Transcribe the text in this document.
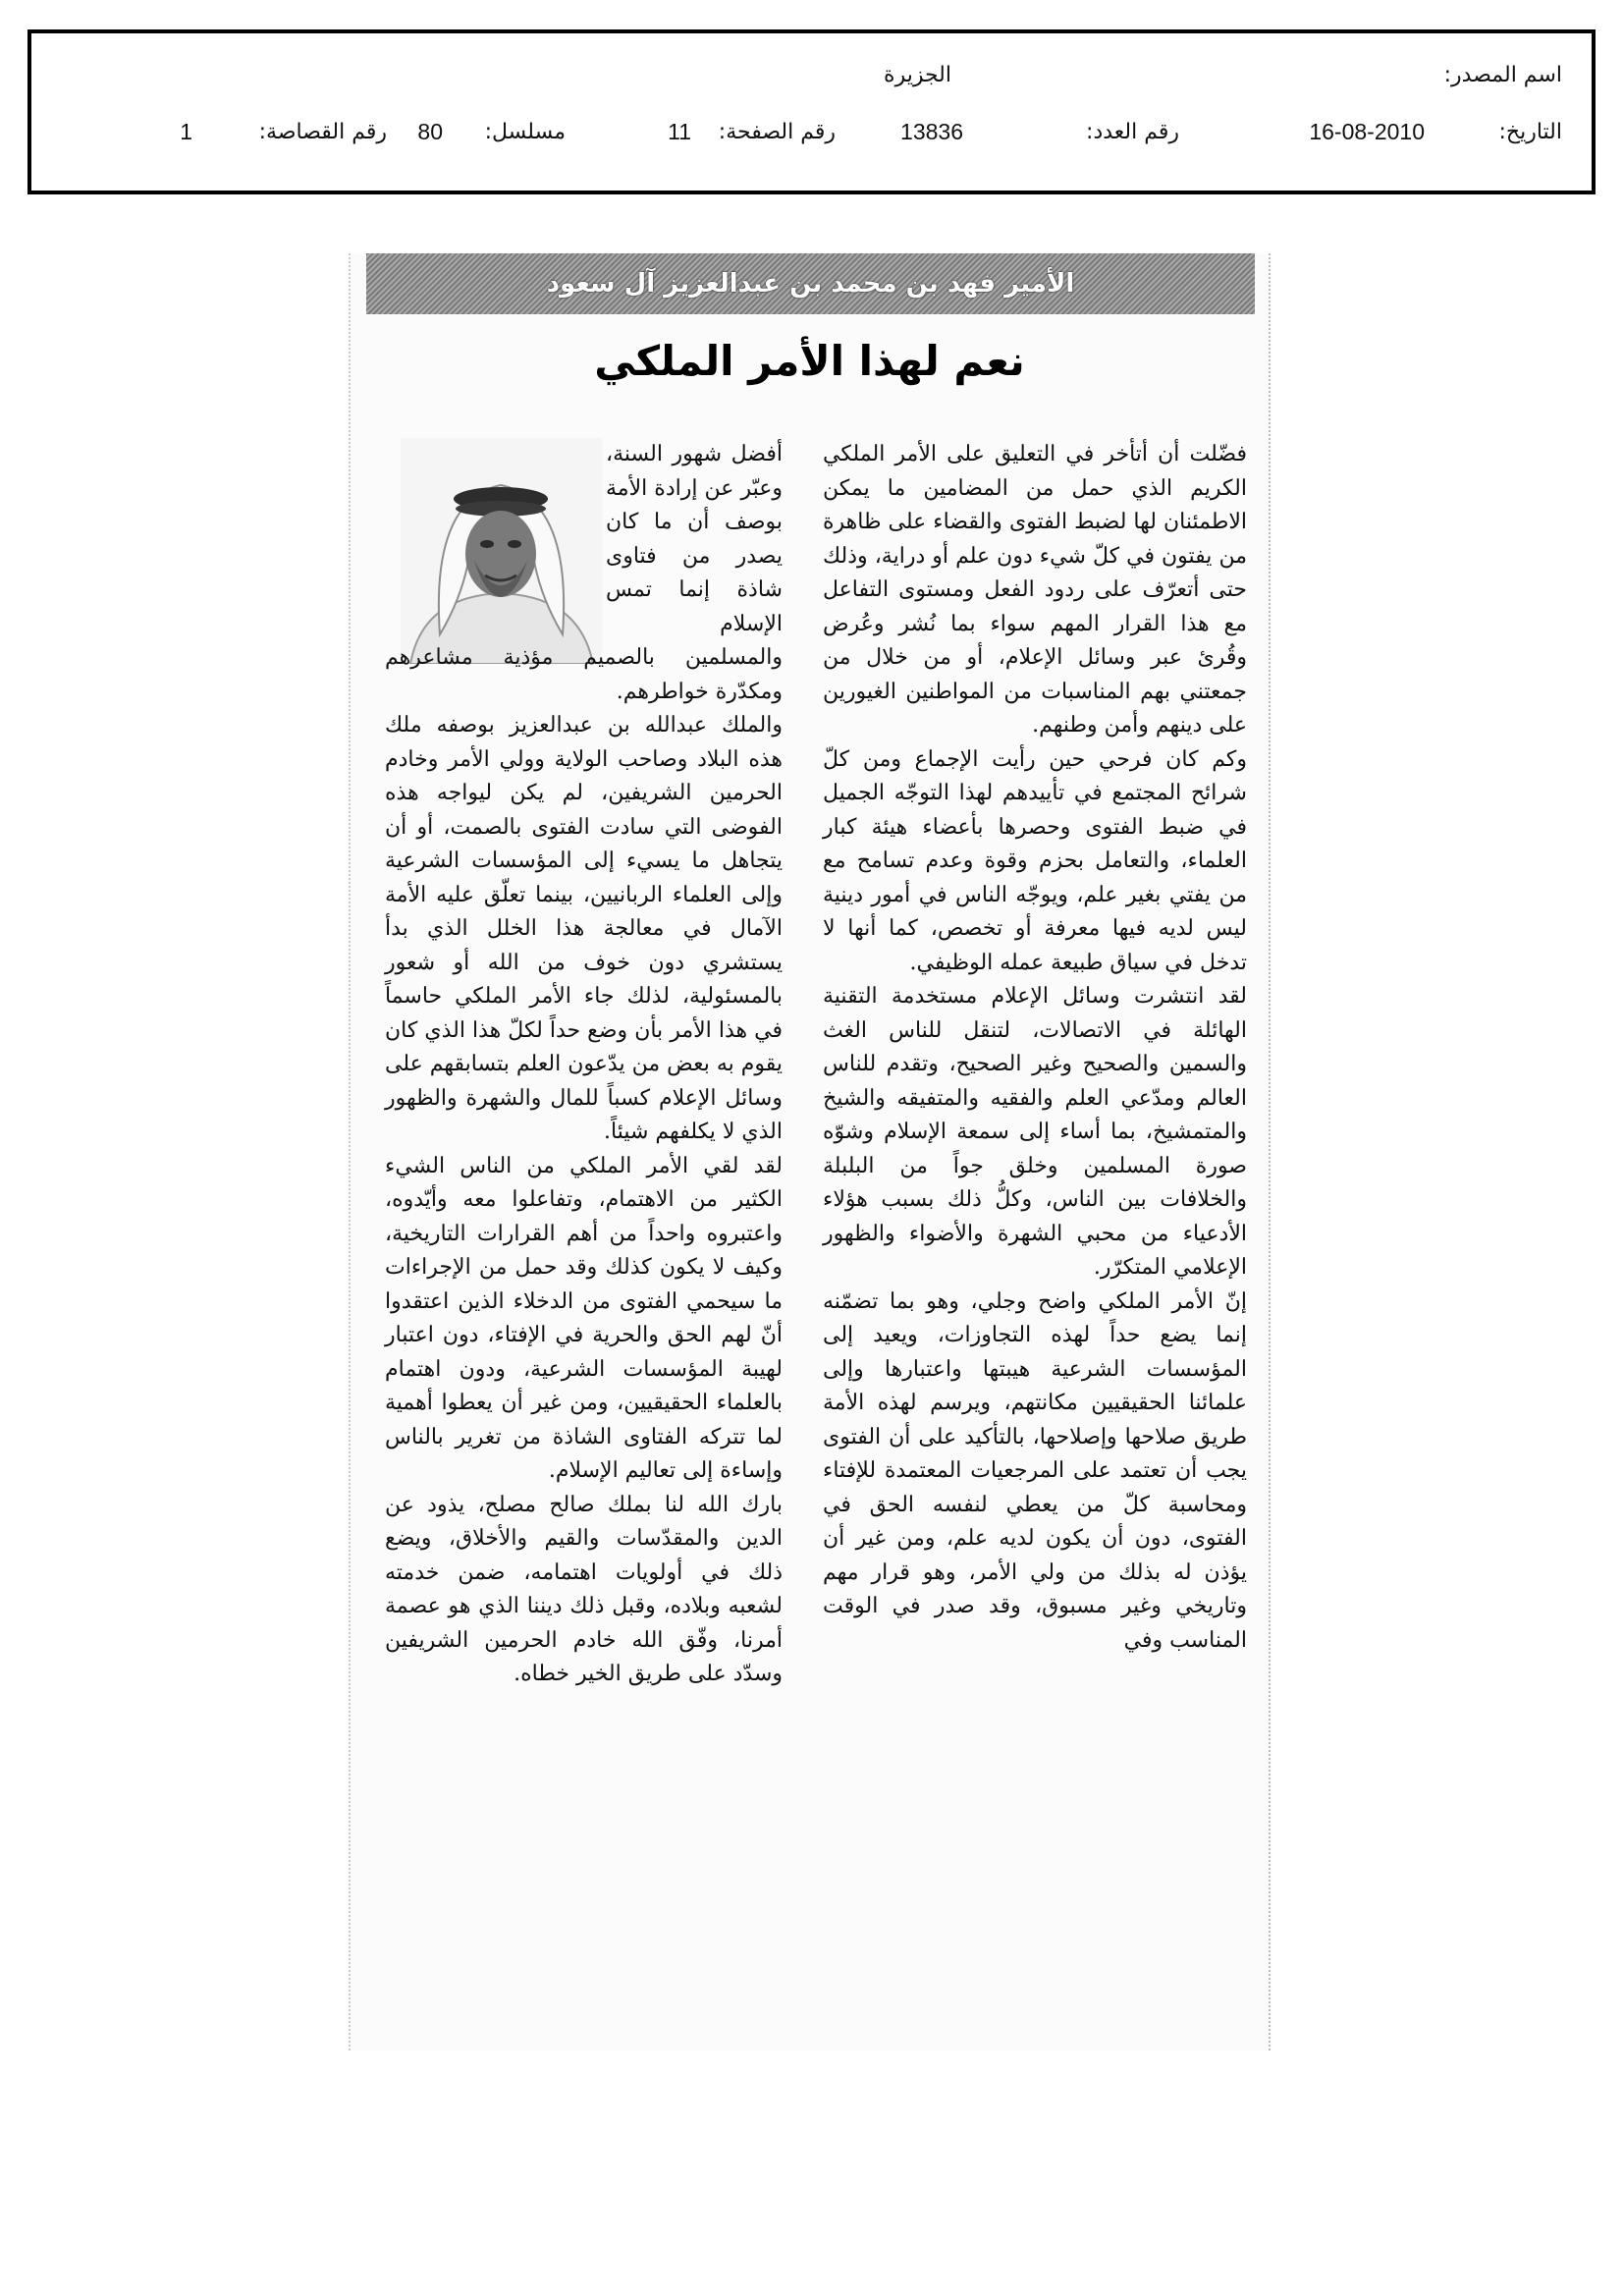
اسم المصدر:
الجزيرة
التاريخ:
16-08-2010
رقم العدد:
13836
رقم الصفحة:
11
مسلسل:
80
رقم القصاصة:
1
الأمير فهد بن محمد بن عبدالعزيز آل سعود
نعم لهذا الأمر الملكي

فضّلت أن أتأخر في التعليق على الأمر الملكي الكريم الذي حمل من المضامين ما يمكن الاطمئنان لها لضبط الفتوى والقضاء على ظاهرة من يفتون في كلّ شيء دون علم أو دراية، وذلك حتى أتعرّف على ردود الفعل ومستوى التفاعل مع هذا القرار المهم سواء بما نُشر وعُرض وقُرئ عبر وسائل الإعلام، أو من خلال من جمعتني بهم المناسبات من المواطنين الغيورين على دينهم وأمن وطنهم.

وكم كان فرحي حين رأيت الإجماع ومن كلّ شرائح المجتمع في تأييدهم لهذا التوجّه الجميل في ضبط الفتوى وحصرها بأعضاء هيئة كبار العلماء، والتعامل بحزم وقوة وعدم تسامح مع من يفتي بغير علم، ويوجّه الناس في أمور دينية ليس لديه فيها معرفة أو تخصص، كما أنها لا تدخل في سياق طبيعة عمله الوظيفي.

لقد انتشرت وسائل الإعلام مستخدمة التقنية الهائلة في الاتصالات، لتنقل للناس الغث والسمين والصحيح وغير الصحيح، وتقدم للناس العالم ومدّعي العلم والفقيه والمتفيقه والشيخ والمتمشيخ، بما أساء إلى سمعة الإسلام وشوّه صورة المسلمين وخلق جواً من البلبلة والخلافات بين الناس، وكلُّ ذلك بسبب هؤلاء الأدعياء من محبي الشهرة والأضواء والظهور الإعلامي المتكرّر.

إنّ الأمر الملكي واضح وجلي، وهو بما تضمّنه إنما يضع حداً لهذه التجاوزات، ويعيد إلى المؤسسات الشرعية هيبتها واعتبارها وإلى علمائنا الحقيقيين مكانتهم، ويرسم لهذه الأمة طريق صلاحها وإصلاحها، بالتأكيد على أن الفتوى يجب أن تعتمد على المرجعيات المعتمدة للإفتاء ومحاسبة كلّ من يعطي لنفسه الحق في الفتوى، دون أن يكون لديه علم، ومن غير أن يؤذن له بذلك من ولي الأمر، وهو قرار مهم وتاريخي وغير مسبوق، وقد صدر في الوقت المناسب وفي

أفضل شهور السنة، وعبّر عن إرادة الأمة بوصف أن ما كان يصدر من فتاوى شاذة إنما تمس الإسلام

والمسلمين بالصميم مؤذية مشاعرهم ومكدّرة خواطرهم.

والملك عبدالله بن عبدالعزيز بوصفه ملك هذه البلاد وصاحب الولاية وولي الأمر وخادم الحرمين الشريفين، لم يكن ليواجه هذه الفوضى التي سادت الفتوى بالصمت، أو أن يتجاهل ما يسيء إلى المؤسسات الشرعية وإلى العلماء الربانيين، بينما تعلّق عليه الأمة الآمال في معالجة هذا الخلل الذي بدأ يستشري دون خوف من الله أو شعور بالمسئولية، لذلك جاء الأمر الملكي حاسماً في هذا الأمر بأن وضع حداً لكلّ هذا الذي كان يقوم به بعض من يدّعون العلم بتسابقهم على وسائل الإعلام كسباً للمال والشهرة والظهور الذي لا يكلفهم شيئاً.

لقد لقي الأمر الملكي من الناس الشيء الكثير من الاهتمام، وتفاعلوا معه وأيّدوه، واعتبروه واحداً من أهم القرارات التاريخية، وكيف لا يكون كذلك وقد حمل من الإجراءات ما سيحمي الفتوى من الدخلاء الذين اعتقدوا أنّ لهم الحق والحرية في الإفتاء، دون اعتبار لهيبة المؤسسات الشرعية، ودون اهتمام بالعلماء الحقيقيين، ومن غير أن يعطوا أهمية لما تتركه الفتاوى الشاذة من تغرير بالناس وإساءة إلى تعاليم الإسلام.

بارك الله لنا بملك صالح مصلح، يذود عن الدين والمقدّسات والقيم والأخلاق، ويضع ذلك في أولويات اهتمامه، ضمن خدمته لشعبه وبلاده، وقبل ذلك ديننا الذي هو عصمة أمرنا، وفّق الله خادم الحرمين الشريفين وسدّد على طريق الخير خطاه.
